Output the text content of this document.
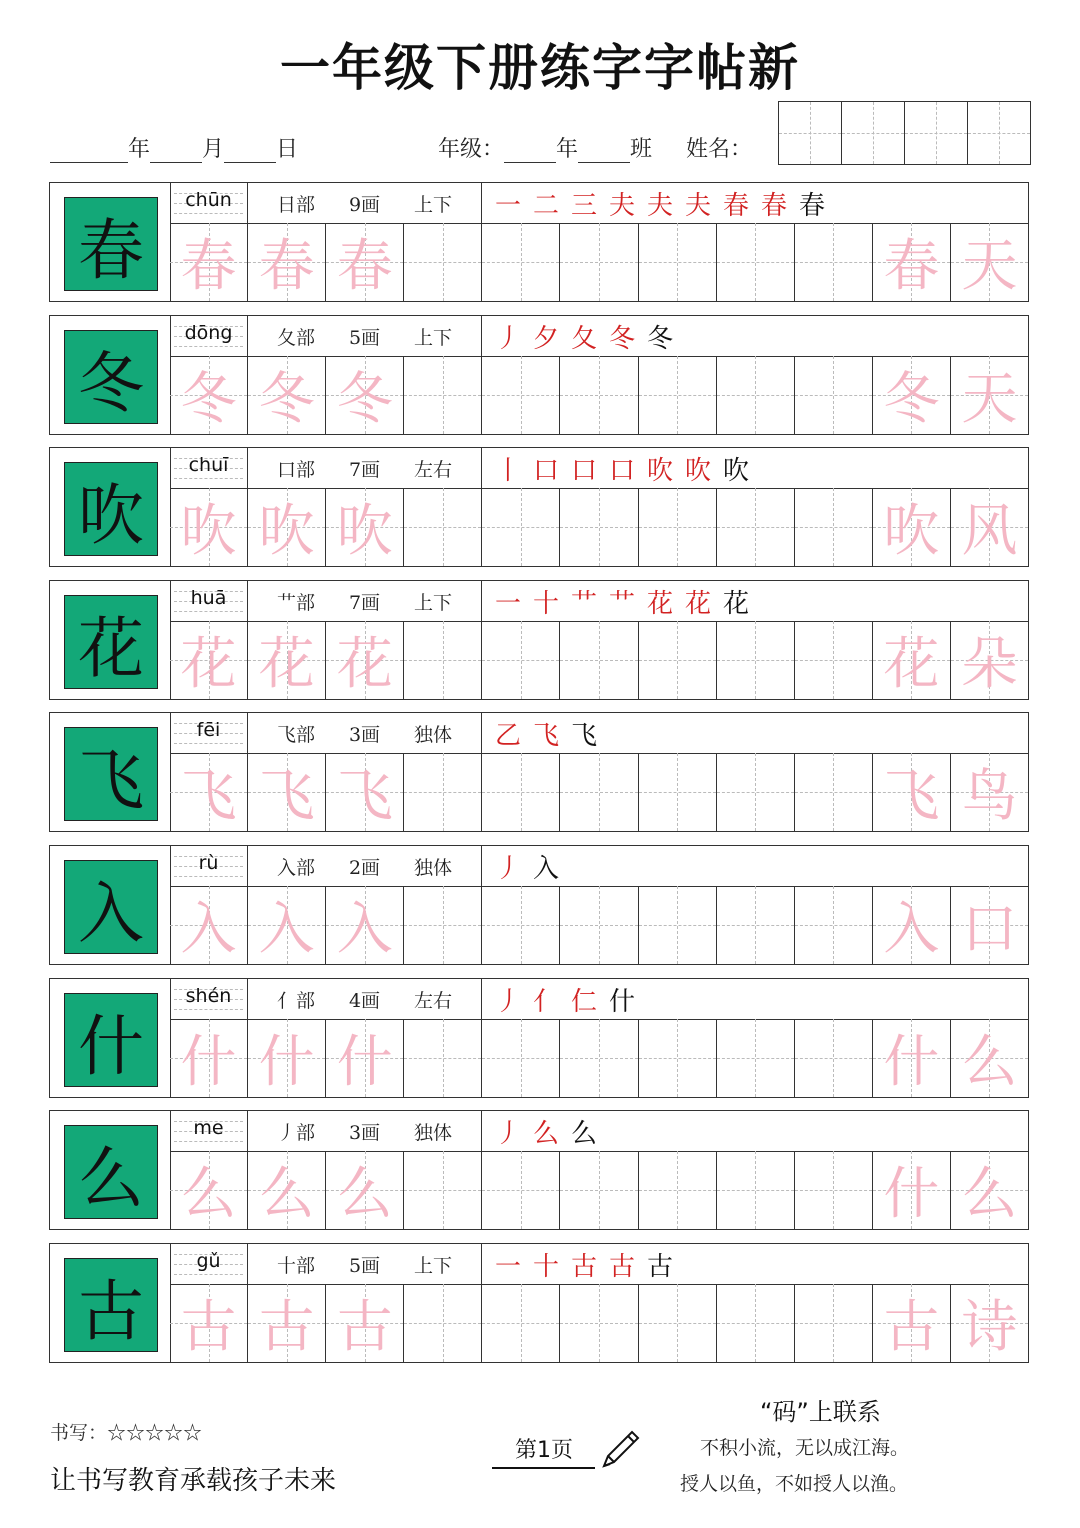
一年级下册练字字帖新
年 月 日	年级： 年 班 姓名：
春
chūn	日部 9画 上下 一 二 三 夫 夫 夫 春 春 春
春 春 春	春 天
冬
dōng	夂部 5画 上下 丿 夕 夂 冬 冬
冬 冬 冬	冬 天
吹
chuī	口部 7画 左右 丨 口 口 口 吹 吹 吹
吹 吹 吹	吹 风
花
huā	艹部 7画 上下 一 十 艹 艹 花 花 花
花 花 花	花 朵
飞
fēi	飞部 3画 独体 乙 飞 飞
飞 飞 飞	飞 鸟
入
rù	入部 2画 独体 丿 入
入 入 入	入 口
什
shén	亻部 4画 左右 丿 亻 仁 什
什 什 什	什 么
么
me	丿部 3画 独体 丿 么 么
么 么 么	什 么
古
gǔ	十部 5画 上下 一 十 古 古 古
古 古 古	古 诗
书写：☆☆☆☆☆
让书写教育承载孩子未来
第1页
“码”上联系
不积小流，无以成江海。
授人以鱼，不如授人以渔。
